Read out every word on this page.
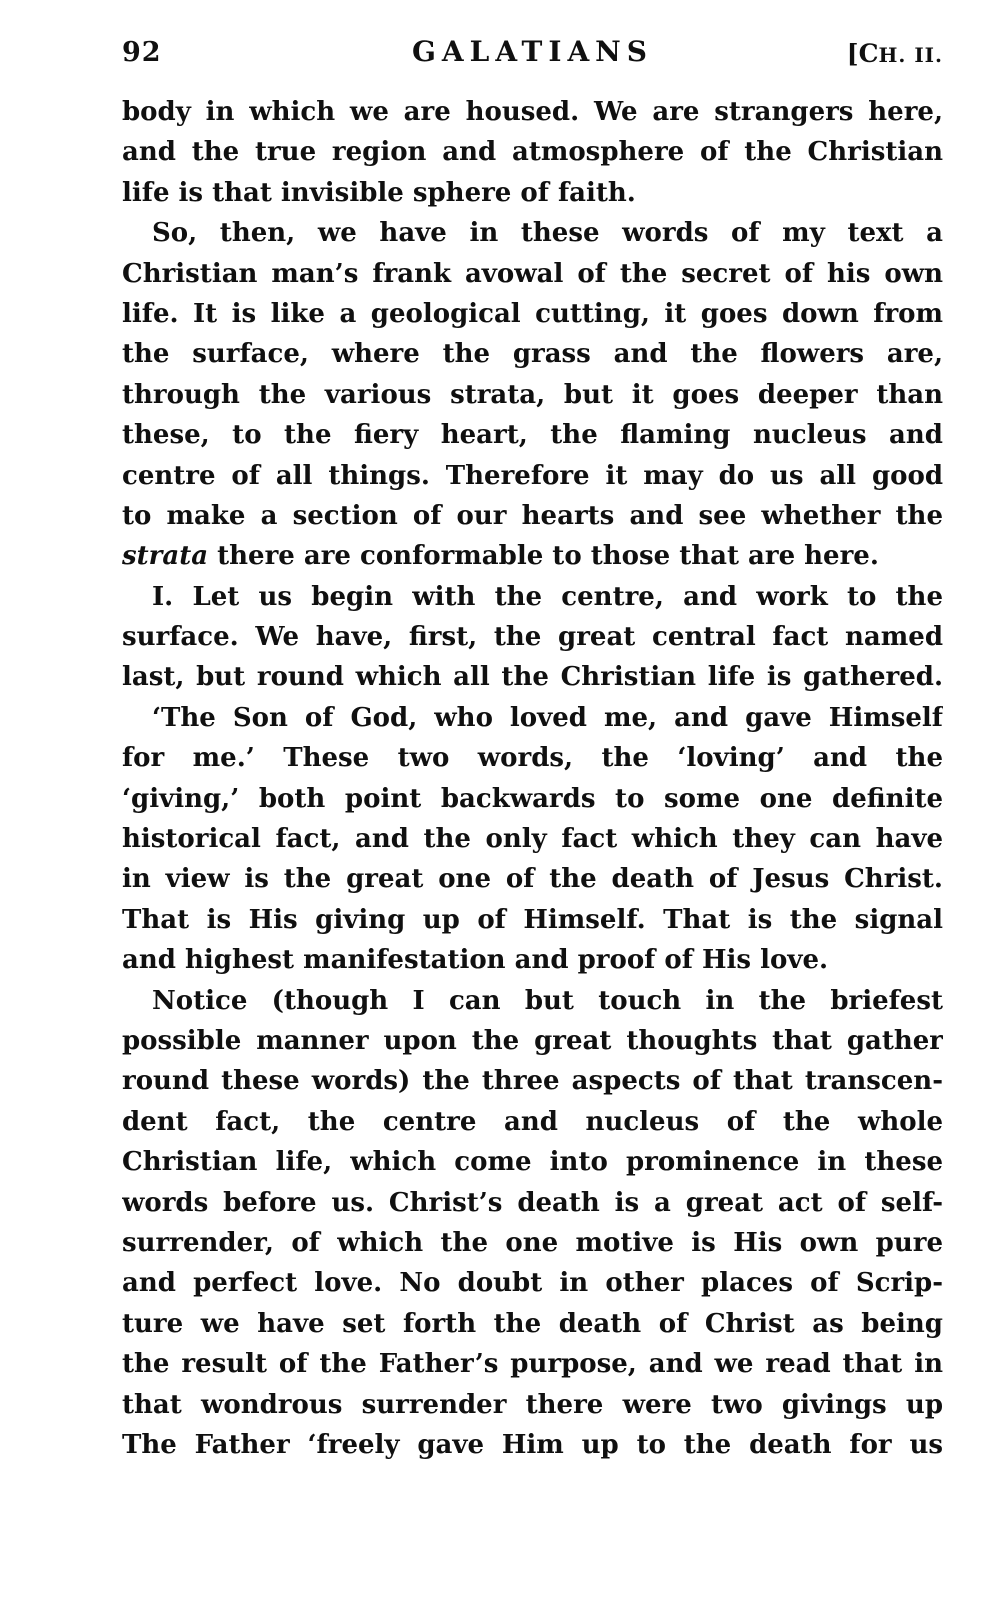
92	GALATIANS	[CH. II.
body in which we are housed. We are strangers here,
and the true region and atmosphere of the Christian
life is that invisible sphere of faith.
So, then, we have in these words of my text a
Christian man’s frank avowal of the secret of his own
life. It is like a geological cutting, it goes down from
the surface, where the grass and the flowers are,
through the various strata, but it goes deeper than
these, to the fiery heart, the flaming nucleus and
centre of all things. Therefore it may do us all good
to make a section of our hearts and see whether the
strata there are conformable to those that are here.
I. Let us begin with the centre, and work to the
surface. We have, first, the great central fact named
last, but round which all the Christian life is gathered.
‘The Son of God, who loved me, and gave Himself
for me.’ These two words, the ‘loving’ and the
‘giving,’ both point backwards to some one definite
historical fact, and the only fact which they can have
in view is the great one of the death of Jesus Christ.
That is His giving up of Himself. That is the signal
and highest manifestation and proof of His love.
Notice (though I can but touch in the briefest
possible manner upon the great thoughts that gather
round these words) the three aspects of that transcen-
dent fact, the centre and nucleus of the whole
Christian life, which come into prominence in these
words before us. Christ’s death is a great act of self-
surrender, of which the one motive is His own pure
and perfect love. No doubt in other places of Scrip-
ture we have set forth the death of Christ as being
the result of the Father’s purpose, and we read that in
that wondrous surrender there were two givings up
The Father ‘freely gave Him up to the death for us
